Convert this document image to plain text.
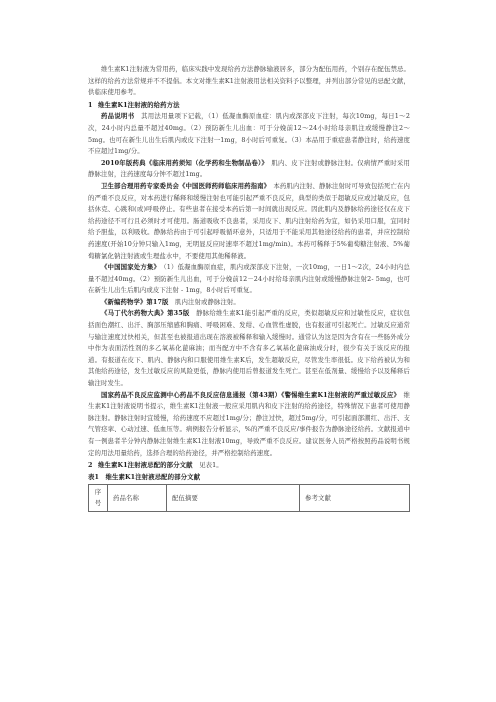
维生素K1注射液为常用药，临床实践中发现给药方法静脉输液居多，部分为配伍用药，个别存在配伍禁忌。这样的给药方法常规并不不提倡。本文对维生素K1注射液用法相关资料予以整理，并列出部分常见的忌配文献，供临床使用参考。

1 维生素K1注射液的给药方法

药品说明书　其用法用量项下记载，（1）低凝血酶原血症：肌内或深部皮下注射，每次10mg，每日1～2次，24小时内总量不超过40mg。（2）预防新生儿出血：可于分娩前12～24小时给母亲肌注或缓慢静注2～5mg。也可在新生儿出生后肌内或皮下注射一1mg，8小时后可重复。（3）本品用于重症患者静注时，给药速度不应超过1mg/分。

2010年版药典《临床用药须知（化学药和生物制品卷）》　肌内、皮下注射或静脉注射。仅病情严重时采用静脉注射，注药速度每分钟不超过1mg。

卫生部合理用药专家委员会《中国医师药师临床用药指南》　本药肌内注射、静脉注射时可导致包括死亡在内的严重不良反应，对本药进行稀释和缓慢注射也可能引起严重不良反应，典型的类似于超敏反应或过敏反应，包括休克、心跳和(或)呼吸停止。有些患者在接受本药后第一时间就出现反应。因此肌内及静脉给药途径仅在皮下给药途径不可行且必须时才可使用。肠道吸收不良患者，采用皮下、肌内注射给药为宜，如仍采用口服，宜同时给予胆盐，以利吸收。静脉给药由于可引起呼吸循环意外，只适用于不能采用其他途径给药的患者，并应控制给药速度(开始10分钟只输入1mg，无明显反应时速率不超过1mg/min)。本药可稀释于5%葡萄糖注射液、5%葡萄糖氯化钠注射液或生理盐水中，不要使用其他稀释液。

《中国国家处方集》　（1）低凝血酶原血症，肌内或深部皮下注射，一次10mg，一日1～2次，24小时内总量不超过40mg。（2）预防新生儿出血，可于分娩前12－24小时给母亲肌内注射或缓慢静脉注射2- 5mg，也可在新生儿出生后肌内或皮下注射 - 1mg，8小时后可重复。

《新编药物学》第17版　肌内注射或静脉注射。

《马丁代尔药物大典》第35版　静脉给维生素K1能引起严重的反应，类似超敏反应和过敏性反应，症状包括面色潮红、出汗、胸部压缩感和胸痛、呼吸困难、发绀、心血管性虚脱，也有报道可引起死亡。过敏反应通常与输注速度过快相关，但甚至也被报道出现在溶液被稀释和输入缓慢时。通常认为这是因为含有在一些肠外成分中作为表面活性剂的多乙氧基化蓖麻油；而当配方中不含有多乙氧基化蓖麻油成分时，很少有关于该反应的报道。有报道在皮下、肌内、静脉内和口服使用维生素K后，发生超敏反应，尽管发生率很低。皮下给药被认为和其他给药途径，发生过敏反应的风险更低，静脉内使用后曾报道发生死亡。甚至在低剂量、缓慢给予以及稀释后输注时发生。

国家药品不良反应监测中心药品不良反应信息通报（第43期）《警惕维生素K1注射液的严重过敏反应》　维生素K1注射液说明书提示，维生素K1注射液一般应采用肌内和皮下注射的给药途径，特殊情况下患者可使用静脉注射。静脉注射时宜缓慢，给药速度不应超过1mg/分；静注过快，超过5mg/分，可引起面部潮红、出汗、支气管痉挛、心动过速、低血压等。病例报告分析显示，%的严重不良反应/事件报告为静脉途径给药。文献报道中有一例患者半分钟内静脉注射维生素K1注射液10mg，导致严重不良反应。建议医务人员严格按照药品说明书规定的用法用量给药，选择合理的给药途径，并严格控制给药速度。

2 维生素K1注射液忌配的部分文献　 见表1。

表1　 维生素K1注射液忌配的部分文献

序号	药品名称	配伍摘要	参考文献
